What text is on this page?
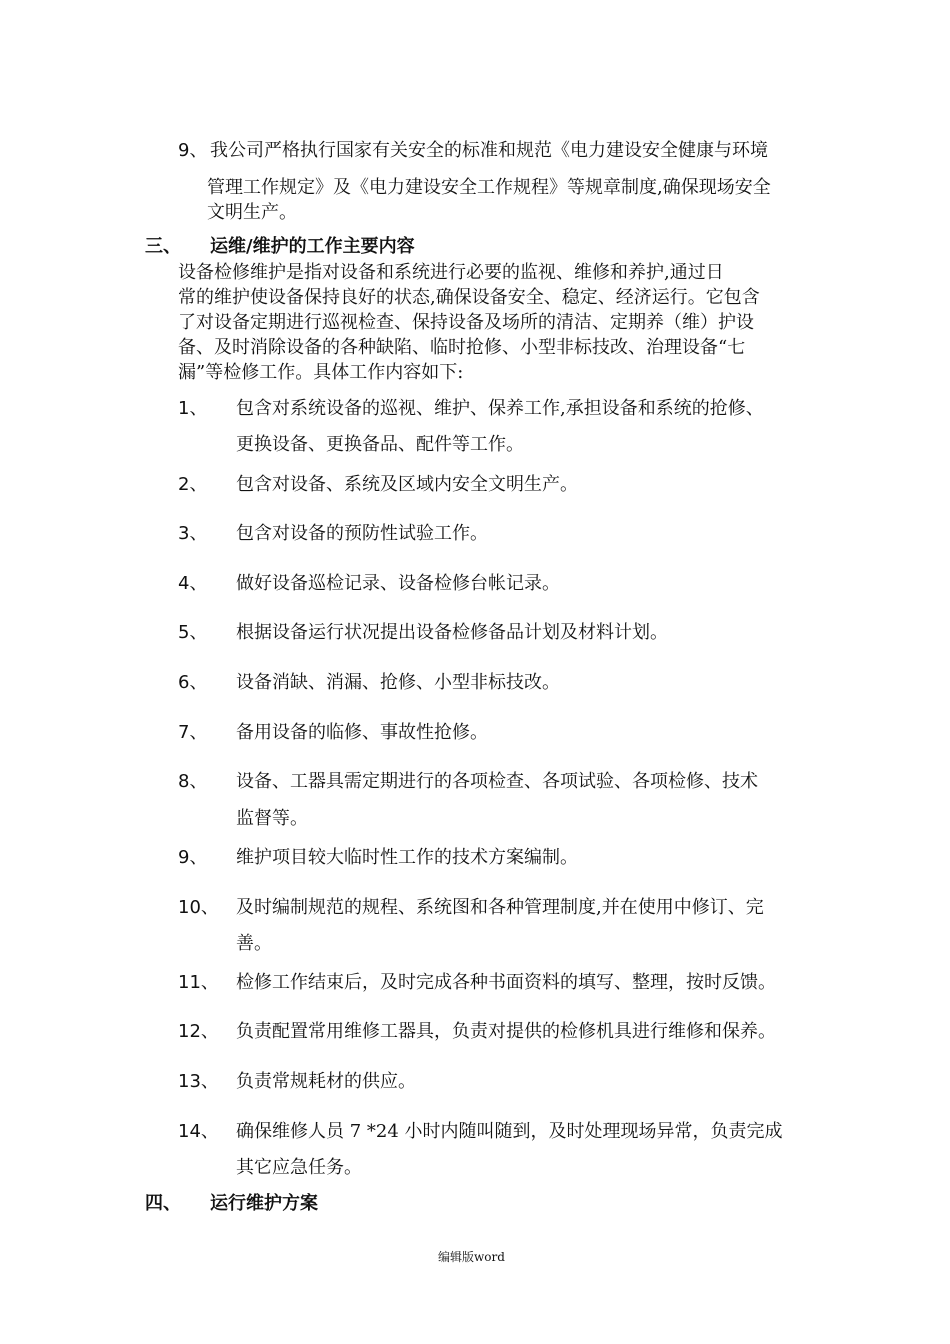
9、 我公司严格执行国家有关安全的标准和规范《电力建设安全健康与环境
管理工作规定》及《电力建设安全工作规程》等规章制度,确保现场安全
文明生产。
三、 运维/维护的工作主要内容
设备检修维护是指对设备和系统进行必要的监视、维修和养护,通过日
常的维护使设备保持良好的状态,确保设备安全、稳定、经济运行。它包含
了对设备定期进行巡视检查、保持设备及场所的清洁、定期养（维）护设
备、及时消除设备的各种缺陷、临时抢修、小型非标技改、治理设备“七
漏”等检修工作。具体工作内容如下:
1、 包含对系统设备的巡视、维护、保养工作,承担设备和系统的抢修、
更换设备、更换备品、配件等工作。
2、 包含对设备、系统及区域内安全文明生产。
3、 包含对设备的预防性试验工作。
4、 做好设备巡检记录、设备检修台帐记录。
5、 根据设备运行状况提出设备检修备品计划及材料计划。
6、 设备消缺、消漏、抢修、小型非标技改。
7、 备用设备的临修、事故性抢修。
8、 设备、工器具需定期进行的各项检查、各项试验、各项检修、技术
监督等。
9、 维护项目较大临时性工作的技术方案编制。
10、 及时编制规范的规程、系统图和各种管理制度,并在使用中修订、完
善。
11、 检修工作结束后，及时完成各种书面资料的填写、整理，按时反馈。
12、 负责配置常用维修工器具，负责对提供的检修机具进行维修和保养。
13、 负责常规耗材的供应。
14、 确保维修人员 7 *24 小时内随叫随到，及时处理现场异常，负责完成
其它应急任务。
四、 运行维护方案
编辑版word
